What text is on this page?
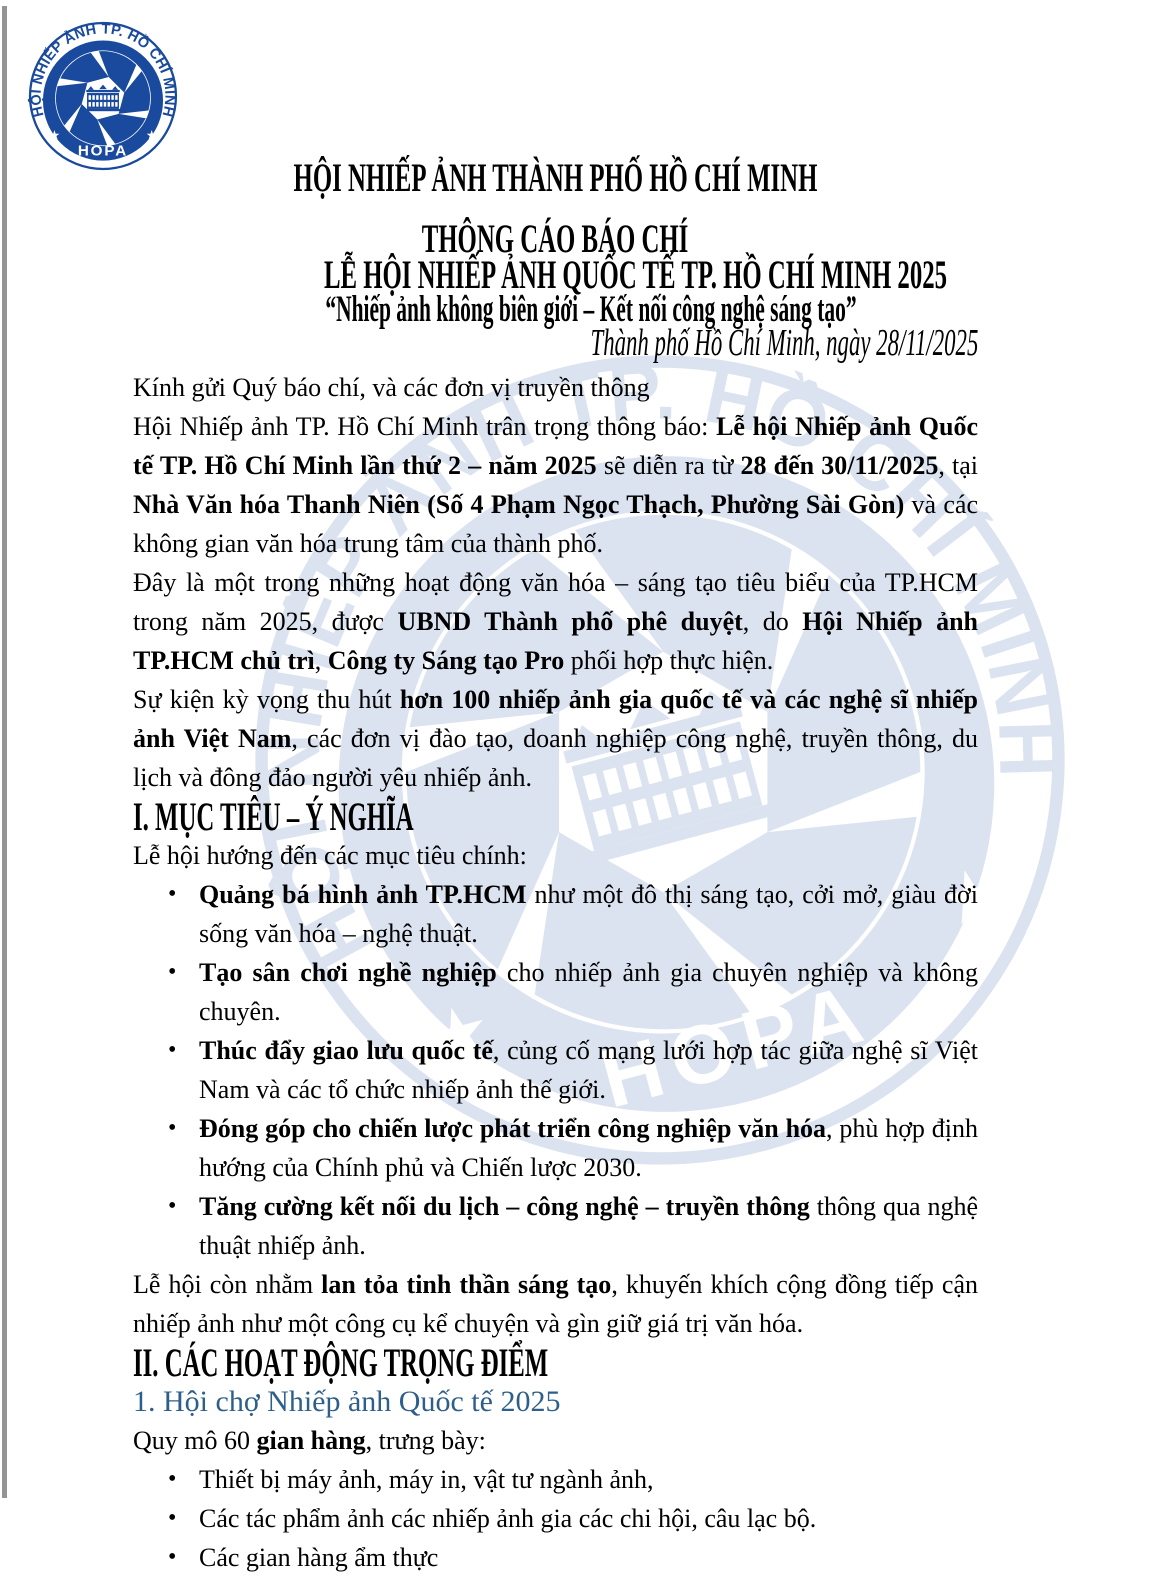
HỘI NHIẾP ẢNH THÀNH PHỐ HỒ CHÍ MINH
THÔNG CÁO BÁO CHÍ
LỄ HỘI NHIẾP ẢNH QUỐC TẾ TP. HỒ CHÍ MINH 2025
“Nhiếp ảnh không biên giới – Kết nối công nghệ sáng tạo”
Thành phố Hồ Chí Minh, ngày 28/11/2025
Kính gửi Quý báo chí, và các đơn vị truyền thông
Hội Nhiếp ảnh TP. Hồ Chí Minh trân trọng thông báo: Lễ hội Nhiếp ảnh Quốc tế TP. Hồ Chí Minh lần thứ 2 – năm 2025 sẽ diễn ra từ 28 đến 30/11/2025, tại Nhà Văn hóa Thanh Niên (Số 4 Phạm Ngọc Thạch, Phường Sài Gòn) và các không gian văn hóa trung tâm của thành phố.
Đây là một trong những hoạt động văn hóa – sáng tạo tiêu biểu của TP.HCM trong năm 2025, được UBND Thành phố phê duyệt, do Hội Nhiếp ảnh TP.HCM chủ trì, Công ty Sáng tạo Pro phối hợp thực hiện.
Sự kiện kỳ vọng thu hút hơn 100 nhiếp ảnh gia quốc tế và các nghệ sĩ nhiếp ảnh Việt Nam, các đơn vị đào tạo, doanh nghiệp công nghệ, truyền thông, du lịch và đông đảo người yêu nhiếp ảnh.
I. MỤC TIÊU – Ý NGHĨA
Lễ hội hướng đến các mục tiêu chính:
• Quảng bá hình ảnh TP.HCM như một đô thị sáng tạo, cởi mở, giàu đời sống văn hóa – nghệ thuật.
• Tạo sân chơi nghề nghiệp cho nhiếp ảnh gia chuyên nghiệp và không chuyên.
• Thúc đẩy giao lưu quốc tế, củng cố mạng lưới hợp tác giữa nghệ sĩ Việt Nam và các tổ chức nhiếp ảnh thế giới.
• Đóng góp cho chiến lược phát triển công nghiệp văn hóa, phù hợp định hướng của Chính phủ và Chiến lược 2030.
• Tăng cường kết nối du lịch – công nghệ – truyền thông thông qua nghệ thuật nhiếp ảnh.
Lễ hội còn nhằm lan tỏa tinh thần sáng tạo, khuyến khích cộng đồng tiếp cận nhiếp ảnh như một công cụ kể chuyện và gìn giữ giá trị văn hóa.
II. CÁC HOẠT ĐỘNG TRỌNG ĐIỂM
1. Hội chợ Nhiếp ảnh Quốc tế 2025
Quy mô 60 gian hàng, trưng bày:
• Thiết bị máy ảnh, máy in, vật tư ngành ảnh,
• Các tác phẩm ảnh các nhiếp ảnh gia các chi hội, câu lạc bộ.
• Các gian hàng ẩm thực
